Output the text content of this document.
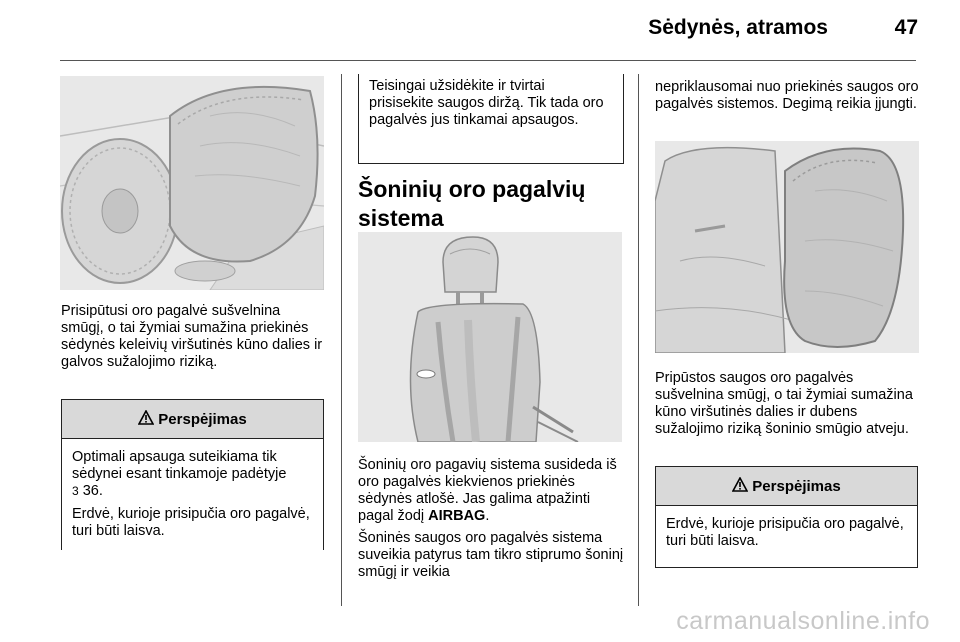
Sėdynės, atramos	47

Prisipūtusi oro pagalvė sušvelnina smūgį, o tai žymiai sumažina priekinės sėdynės keleivių viršutinės kūno dalies ir galvos sužalojimo riziką.

Perspėjimas

Optimali apsauga suteikiama tik sėdynei esant tinkamoje padėtyje
3 36.

Erdvė, kurioje prisipučia oro pagalvė, turi būti laisva.

Teisingai užsidėkite ir tvirtai prisisekite saugos diržą. Tik tada oro pagalvės jus tinkamai apsaugos.

Šoninių oro pagalvių sistema

Šoninių oro pagavių sistema susideda iš oro pagalvės kiekvienos priekinės sėdynės atlošė. Jas galima atpažinti pagal žodį AIRBAG.

Šoninės saugos oro pagalvės sistema suveikia patyrus tam tikro stiprumo šoninį smūgį ir veikia

nepriklausomai nuo priekinės saugos oro pagalvės sistemos. Degimą reikia įjungti.

Pripūstos saugos oro pagalvės sušvelnina smūgį, o tai žymiai sumažina kūno viršutinės dalies ir dubens sužalojimo riziką šoninio smūgio atveju.

Perspėjimas

Erdvė, kurioje prisipučia oro pagalvė, turi būti laisva.

carmanualsonline.info
